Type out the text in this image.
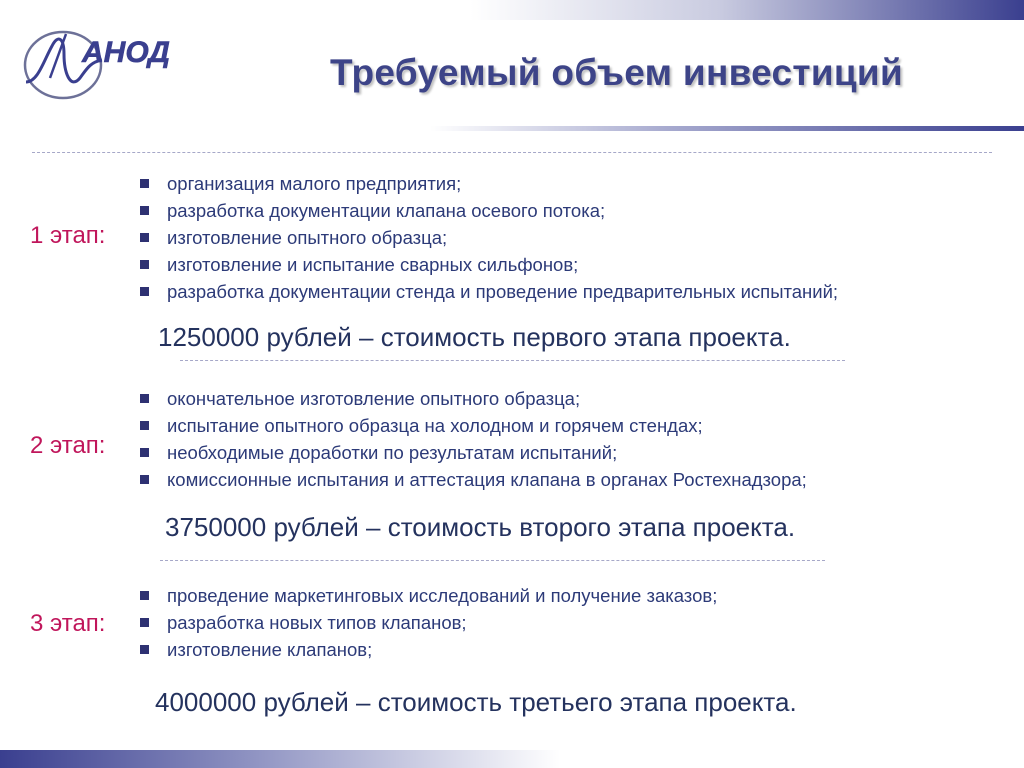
АНОД	Требуемый объем инвестиций

1 этап:

организация малого предприятия;
разработка документации клапана осевого потока;
изготовление опытного образца;
изготовление и испытание сварных сильфонов;
разработка документации стенда и проведение предварительных испытаний;

1250000 рублей – стоимость первого этапа проекта.

2 этап:

окончательное изготовление опытного образца;
испытание опытного образца на холодном и горячем стендах;
необходимые доработки по результатам испытаний;
комиссионные испытания и аттестация клапана в органах Ростехнадзора;

3750000 рублей – стоимость второго этапа проекта.

3 этап:

проведение маркетинговых исследований и получение заказов;
разработка новых типов клапанов;
изготовление клапанов;

4000000 рублей – стоимость третьего этапа проекта.
